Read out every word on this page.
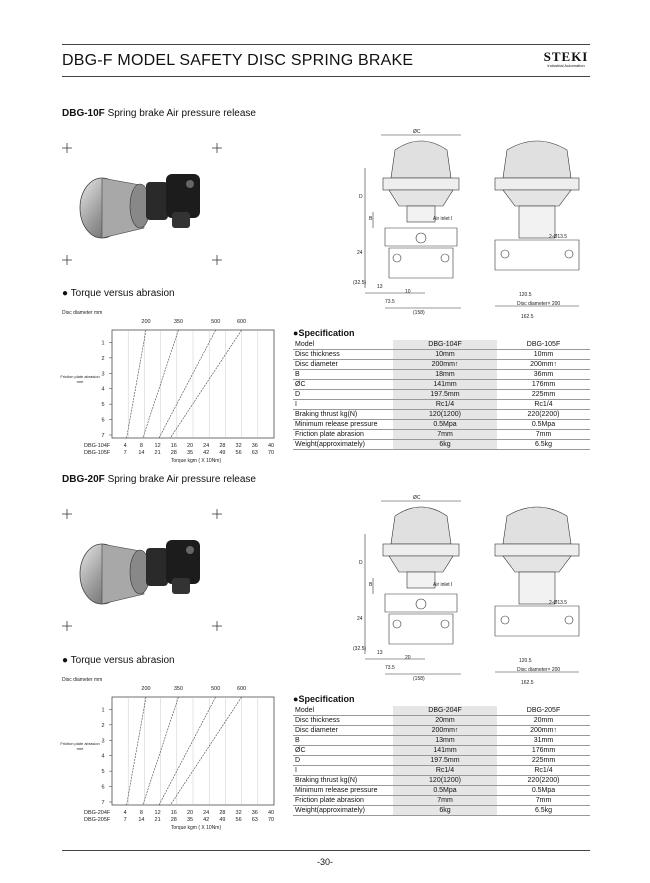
DBG-F MODEL SAFETY DISC SPRING BRAKE	STEKI
Industrial Automation
DBG-10F Spring brake Air pressure release
ØC
D
B	Air inlet I
2-Ø13.5
24
(32.5)
13
10
73.5
(158)
120.5
Disc diameter× 200
162.5
● Torque versus abrasion
Disc diameter mm
1
2
3
4
5
6
7
Friction plate abrasion mm
200	350	500	600
DBG-104F 4 8 12 16 20 24 28 32 36 40
DBG-105F 7 14 21 28 35 42 49 56 63 70
Torque kgm ( X 10Nm)
●Specification
Model	DBG-104F	DBG-105F
Disc thickness	10mm	10mm
Disc diameter	200mm↑	200mm↑
B	18mm	36mm
ØC	141mm	176mm
D	197.5mm	225mm
I	Rc1/4	Rc1/4
Braking thrust kg(N)	120(1200)	220(2200)
Minimum release pressure	0.5Mpa	0.5Mpa
Friction plate abrasion	7mm	7mm
Weight(approximately)	6kg	6.5kg
DBG-20F Spring brake Air pressure release
ØC
D
B	Air inlet I
2-Ø13.5
24
(32.5)
13
20
73.5
(158)
120.5
Disc diameter× 200
162.5
● Torque versus abrasion
Disc diameter mm
1
2
3
4
5
6
7
Friction plate abrasion mm
200	350	500	600
DBG-204F 4 8 12 16 20 24 28 32 36 40
DBG-205F 7 14 21 28 35 42 49 56 63 70
Torque kgm ( X 10Nm)
●Specification
Model	DBG-204F	DBG-205F
Disc thickness	20mm	20mm
Disc diameter	200mm↑	200mm↑
B	13mm	31mm
ØC	141mm	176mm
D	197.5mm	225mm
I	Rc1/4	Rc1/4
Braking thrust kg(N)	120(1200)	220(2200)
Minimum release pressure	0.5Mpa	0.5Mpa
Friction plate abrasion	7mm	7mm
Weight(approximately)	6kg	6.5kg
-30-
